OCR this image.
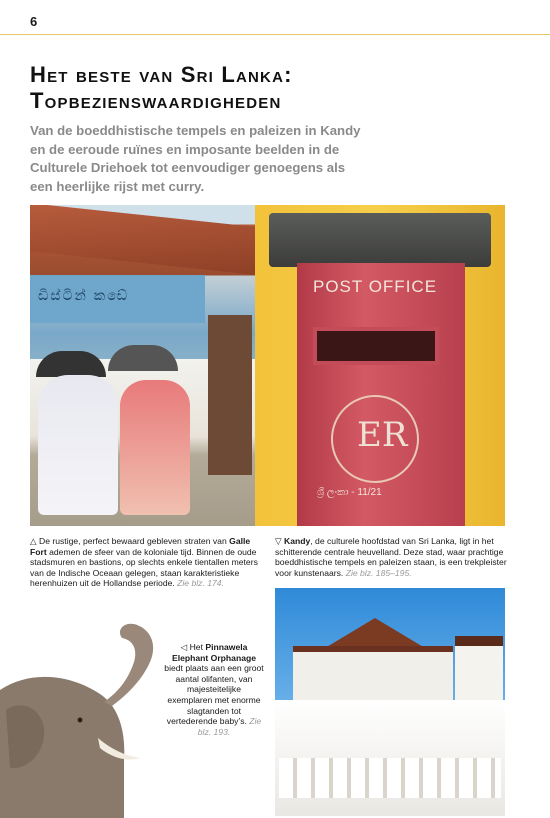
6
Het beste van Sri Lanka:
Topbezienswaardigheden

Van de boeddhistische tempels en paleizen in Kandy en de eeroude ruïnes en imposante beelden in de Culturele Driehoek tot eenvoudiger genoegens als een heerlijke rijst met curry.

ඩිස්ටින් කඩේ	POST OFFICE
ER
ශ්‍රී ලංකා - 11/21

△ De rustige, perfect bewaard gebleven straten van Galle Fort ademen de sfeer van de koloniale tijd. Binnen de oude stadsmuren en bastions, op slechts enkele tientallen meters van de Indische Oceaan gelegen, staan karakteristieke herenhuizen uit de Hollandse periode. Zie blz. 174.

▽ Kandy, de culturele hoofdstad van Sri Lanka, ligt in het schitterende centrale heuvelland. Deze stad, waar prachtige boeddhistische tempels en paleizen staan, is een trekpleister voor kunstenaars. Zie blz. 185–195.

◁ Het Pinnawela Elephant Orphanage biedt plaats aan een groot aantal olifanten, van majesteitelijke exemplaren met enorme slagtanden tot vertederende baby’s. Zie blz. 193.
